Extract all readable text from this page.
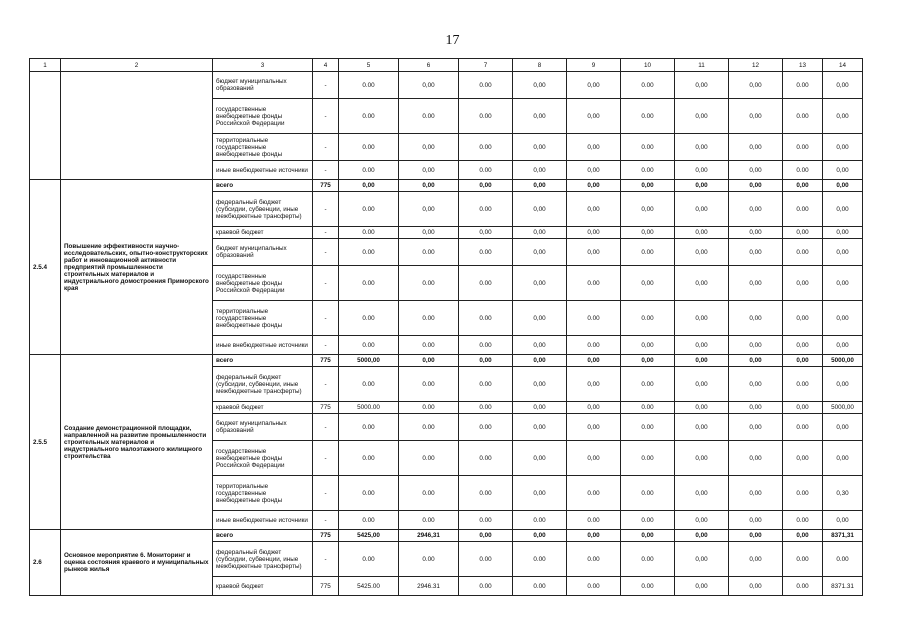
17
1	2	3	4	5	6	7	8	9	10	11	12	13	14
		бюджет муниципальных образований	-	0.00	0,00	0.00	0,00	0,00	0.00	0,00	0,00	0.00	0,00
		государственные внебюджетные фонды Российской Федерации	-	0.00	0.00	0.00	0,00	0,00	0.00	0,00	0,00	0.00	0,00
		территориальные государственные внебюджетные фонды	-	0.00	0,00	0.00	0,00	0,00	0.00	0,00	0,00	0.00	0,00
		иные внебюджетные источники	-	0.00	0,00	0.00	0,00	0,00	0.00	0,00	0,00	0.00	0,00
2.5.4	Повышение эффективности научно-исследовательских, опытно-конструкторских работ и инновационной активности предприятий промышленности строительных материалов и индустриального домостроения Приморского края	всего	775	0,00	0,00	0,00	0,00	0,00	0,00	0,00	0,00	0,00	0,00
		федеральный бюджет (субсидии, субвенции, иные межбюджетные трансферты)	-	0.00	0,00	0.00	0,00	0,00	0,00	0,00	0,00	0.00	0,00
		краевой бюджет	-	0.00	0,00	0,00	0,00	0,00	0,00	0,00	0,00	0,00	0,00
		бюджет муниципальных образований	-	0.00	0.00	0.00	0,00	0,00	0.00	0,00	0,00	0.00	0,00
		государственные внебюджетные фонды Российской Федерации	-	0.00	0.00	0.00	0,00	0.00	0,00	0,00	0,00	0,00	0,00
		территориальные государственные внебюджетные фонды	-	0.00	0.00	0.00	0,00	0.00	0.00	0,00	0,00	0,00	0,00
		иные внебюджетные источники	-	0.00	0.00	0.00	0,00	0.00	0,00	0,00	0,00	0,00	0,00
2.5.5	Создание демонстрационной площадки, направленной на развитие промышленности строительных материалов и индустриального малоэтажного жилищного строительства	всего	775	5000,00	0,00	0,00	0,00	0,00	0,00	0,00	0,00	0,00	5000,00
		федеральный бюджет (субсидии, субвенции, иные межбюджетные трансферты)	-	0.00	0.00	0.00	0,00	0,00	0.00	0,00	0,00	0.00	0,00
		краевой бюджет	775	5000.00	0.00	0.00	0,00	0,00	0.00	0,00	0,00	0,00	5000,00
		бюджет муниципальных образований	-	0.00	0.00	0.00	0,00	0,00	0.00	0,00	0,00	0.00	0,00
		государственные внебюджетные фонды Российской Федерации	-	0.00	0.00	0.00	0,00	0,00	0.00	0,00	0,00	0,00	0,00
		территориальные государственные внебюджетные фонды	-	0.00	0.00	0.00	0,00	0.00	0.00	0,00	0,00	0.00	0,30
		иные внебюджетные источники	-	0.00	0.00	0.00	0.00	0.00	0.00	0,00	0,00	0.00	0,00
2.6	Основное мероприятие 6. Мониторинг и оценка состояния краевого и муниципальных рынков жилья	всего	775	5425,00	2946,31	0,00	0,00	0,00	0,00	0,00	0,00	0,00	8371,31
		федеральный бюджет (субсидии, субвенции, иные межбюджетные трансферты)	-	0.00	0.00	0.00	0.00	0.00	0.00	0,00	0,00	0.00	0.00
		краевой бюджет	775	5425.00	2946.31	0.00	0.00	0.00	0.00	0,00	0,00	0.00	8371.31
